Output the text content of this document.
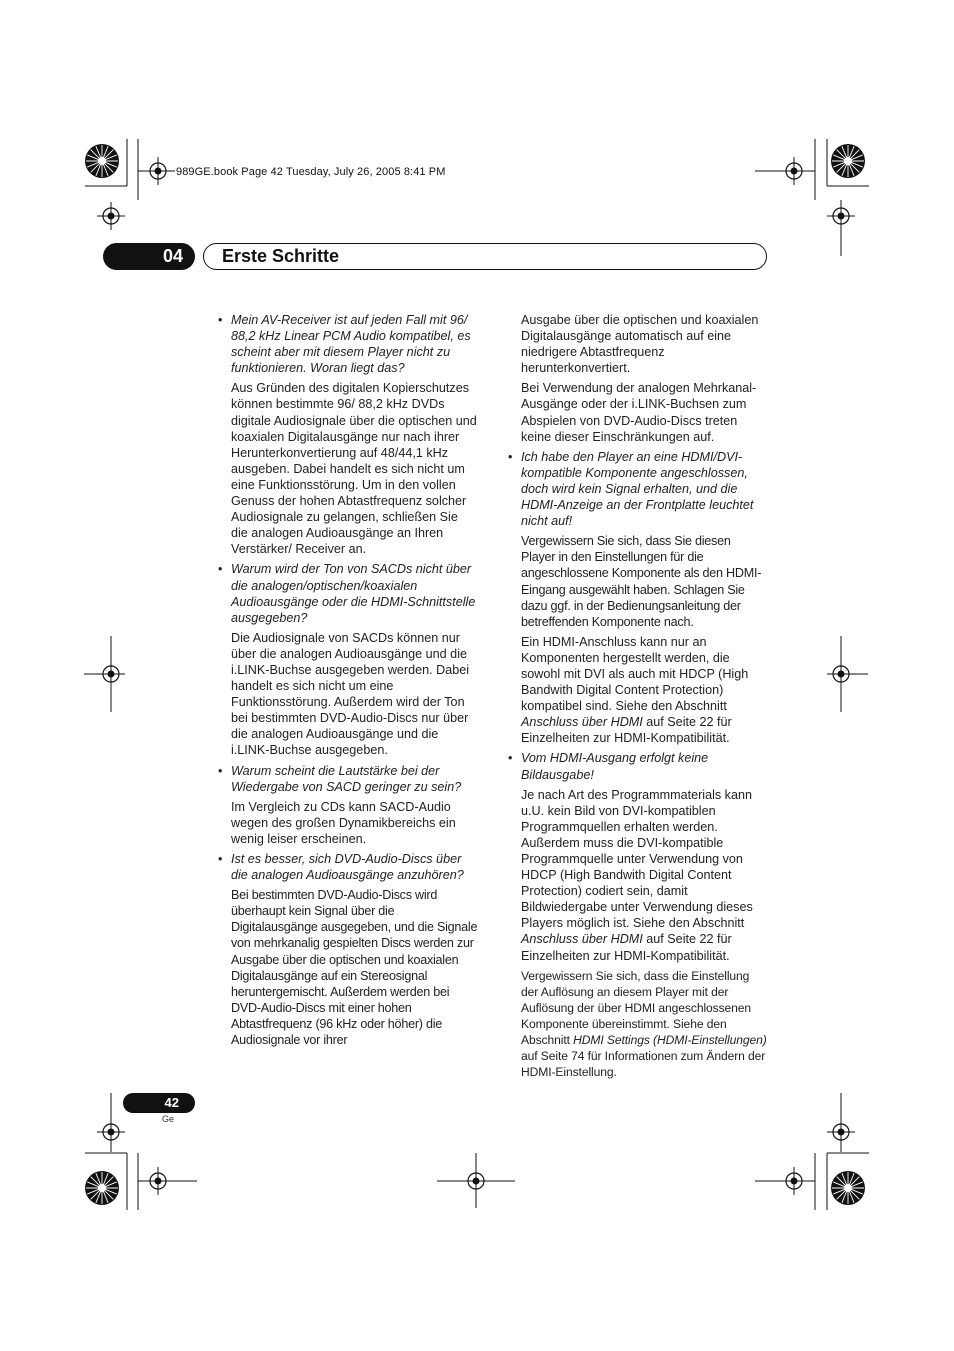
989GE.book Page 42 Tuesday, July 26, 2005 8:41 PM
04	Erste Schritte
• Mein AV-Receiver ist auf jeden Fall mit 96/ 88,2 kHz Linear PCM Audio kompatibel, es scheint aber mit diesem Player nicht zu funktionieren. Woran liegt das?
Aus Gründen des digitalen Kopierschutzes können bestimmte 96/ 88,2 kHz DVDs digitale Audiosignale über die optischen und koaxialen Digitalausgänge nur nach ihrer Herunterkonvertierung auf 48/44,1 kHz ausgeben. Dabei handelt es sich nicht um eine Funktionsstörung. Um in den vollen Genuss der hohen Abtastfrequenz solcher Audiosignale zu gelangen, schließen Sie die analogen Audioausgänge an Ihren Verstärker/ Receiver an.
• Warum wird der Ton von SACDs nicht über die analogen/optischen/koaxialen Audioausgänge oder die HDMI-Schnittstelle ausgegeben?
Die Audiosignale von SACDs können nur über die analogen Audioausgänge und die i.LINK-Buchse ausgegeben werden. Dabei handelt es sich nicht um eine Funktionsstörung. Außerdem wird der Ton bei bestimmten DVD-Audio-Discs nur über die analogen Audioausgänge und die i.LINK-Buchse ausgegeben.
• Warum scheint die Lautstärke bei der Wiedergabe von SACD geringer zu sein?
Im Vergleich zu CDs kann SACD-Audio wegen des großen Dynamikbereichs ein wenig leiser erscheinen.
• Ist es besser, sich DVD-Audio-Discs über die analogen Audioausgänge anzuhören?
Bei bestimmten DVD-Audio-Discs wird überhaupt kein Signal über die Digitalausgänge ausgegeben, und die Signale von mehrkanalig gespielten Discs werden zur Ausgabe über die optischen und koaxialen Digitalausgänge auf ein Stereosignal heruntergemischt. Außerdem werden bei DVD-Audio-Discs mit einer hohen Abtastfrequenz (96 kHz oder höher) die Audiosignale vor ihrer
Ausgabe über die optischen und koaxialen Digitalausgänge automatisch auf eine niedrigere Abtastfrequenz herunterkonvertiert.
Bei Verwendung der analogen Mehrkanal-Ausgänge oder der i.LINK-Buchsen zum Abspielen von DVD-Audio-Discs treten keine dieser Einschränkungen auf.
• Ich habe den Player an eine HDMI/DVI-kompatible Komponente angeschlossen, doch wird kein Signal erhalten, und die HDMI-Anzeige an der Frontplatte leuchtet nicht auf!
Vergewissern Sie sich, dass Sie diesen Player in den Einstellungen für die angeschlossene Komponente als den HDMI-Eingang ausgewählt haben. Schlagen Sie dazu ggf. in der Bedienungsanleitung der betreffenden Komponente nach.
Ein HDMI-Anschluss kann nur an Komponenten hergestellt werden, die sowohl mit DVI als auch mit HDCP (High Bandwith Digital Content Protection) kompatibel sind. Siehe den Abschnitt Anschluss über HDMI auf Seite 22 für Einzelheiten zur HDMI-Kompatibilität.
• Vom HDMI-Ausgang erfolgt keine Bildausgabe!
Je nach Art des Programmmaterials kann u.U. kein Bild von DVI-kompatiblen Programmquellen erhalten werden. Außerdem muss die DVI-kompatible Programmquelle unter Verwendung von HDCP (High Bandwith Digital Content Protection) codiert sein, damit Bildwiedergabe unter Verwendung dieses Players möglich ist. Siehe den Abschnitt Anschluss über HDMI auf Seite 22 für Einzelheiten zur HDMI-Kompatibilität.
Vergewissern Sie sich, dass die Einstellung der Auflösung an diesem Player mit der Auflösung der über HDMI angeschlossenen Komponente übereinstimmt. Siehe den Abschnitt HDMI Settings (HDMI-Einstellungen) auf Seite 74 für Informationen zum Ändern der HDMI-Einstellung.
42
Ge
